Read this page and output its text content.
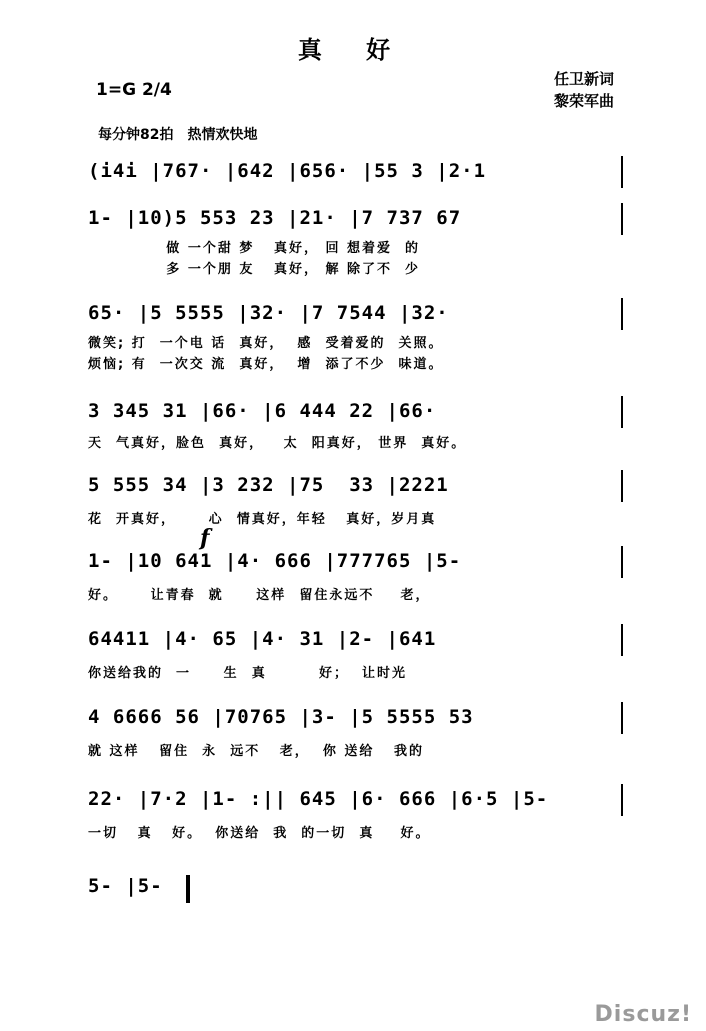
真 好
1=G 2/4
任卫新词
黎荣军曲
每分钟82拍　热情欢快地
f
(i4i |767· |642 |656· |55 3 |2·1
1- |10)5 553 23 |21· |7 737 67
做 一个甜 梦   真好， 回 想着爱  的
多 一个朋 友   真好， 解 除了不  少
65· |5 5555 |32· |7 7544 |32·
微笑; 打  一个电 话  真好，  感  受着爱的  关照。
烦恼; 有  一次交 流  真好，  增  添了不少  味道。
3 345 31 |66· |6 444 22 |66·
天  气真好，脸色  真好，   太  阳真好， 世界  真好。
5 555 34 |3 232 |75  33 |2221
花  开真好，     心  情真好，年轻   真好，岁月真
1- |10 641 |4· 666 |777765 |5-
好。     让青春  就     这样  留住永远不    老，
64411 |4· 65 |4· 31 |2- |641
你送给我的  一     生  真        好；  让时光
4 6666 56 |70765 |3- |5 5555 53
就 这样   留住  永  远不   老，  你 送给   我的
22· |7·2 |1- :|| 645 |6· 666 |6·5 |5-
一切   真   好。  你送给  我  的一切  真    好。
5- |5-
Discuz!
